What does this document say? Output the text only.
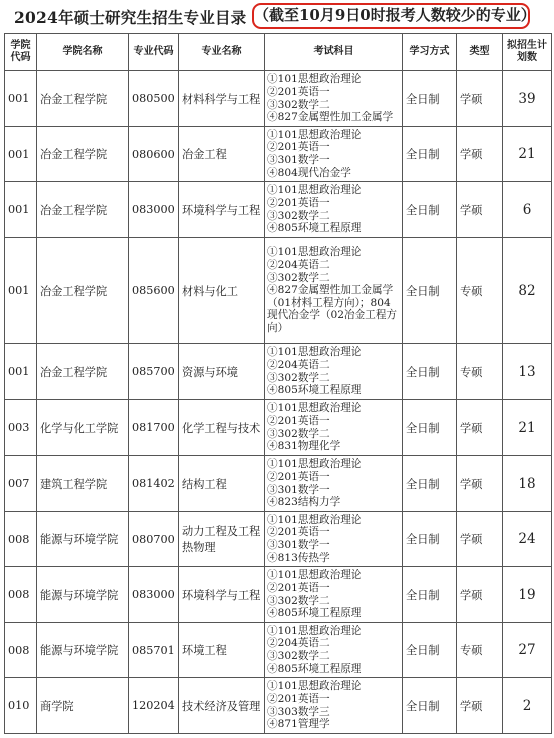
2024年硕士研究生招生专业目录 （截至10月9日0时报考人数较少的专业）
学院代码	学院名称	专业代码	专业名称	考试科目	学习方式	类型	拟招生计划数
001	冶金工程学院	080500	材料科学与工程	①101思想政治理论
②201英语一
③302数学二
④827金属塑性加工金属学	全日制	学硕	39
001	冶金工程学院	080600	冶金工程	①101思想政治理论
②201英语一
③301数学一
④804现代冶金学	全日制	学硕	21
001	冶金工程学院	083000	环境科学与工程	①101思想政治理论
②201英语一
③302数学二
④805环境工程原理	全日制	学硕	6
001	冶金工程学院	085600	材料与化工	①101思想政治理论
②204英语二
③302数学二
④827金属塑性加工金属学（01材料工程方向）；804现代冶金学（02冶金工程方向）	全日制	专硕	82
001	冶金工程学院	085700	资源与环境	①101思想政治理论
②204英语二
③302数学二
④805环境工程原理	全日制	专硕	13
003	化学与化工学院	081700	化学工程与技术	①101思想政治理论
②201英语一
③302数学二
④831物理化学	全日制	学硕	21
007	建筑工程学院	081402	结构工程	①101思想政治理论
②201英语一
③301数学一
④823结构力学	全日制	学硕	18
008	能源与环境学院	080700	动力工程及工程热物理	①101思想政治理论
②201英语一
③301数学一
④813传热学	全日制	学硕	24
008	能源与环境学院	083000	环境科学与工程	①101思想政治理论
②201英语一
③302数学二
④805环境工程原理	全日制	学硕	19
008	能源与环境学院	085701	环境工程	①101思想政治理论
②204英语二
③302数学二
④805环境工程原理	全日制	专硕	27
010	商学院	120204	技术经济及管理	①101思想政治理论
②201英语一
③303数学三
④871管理学	全日制	学硕	2
